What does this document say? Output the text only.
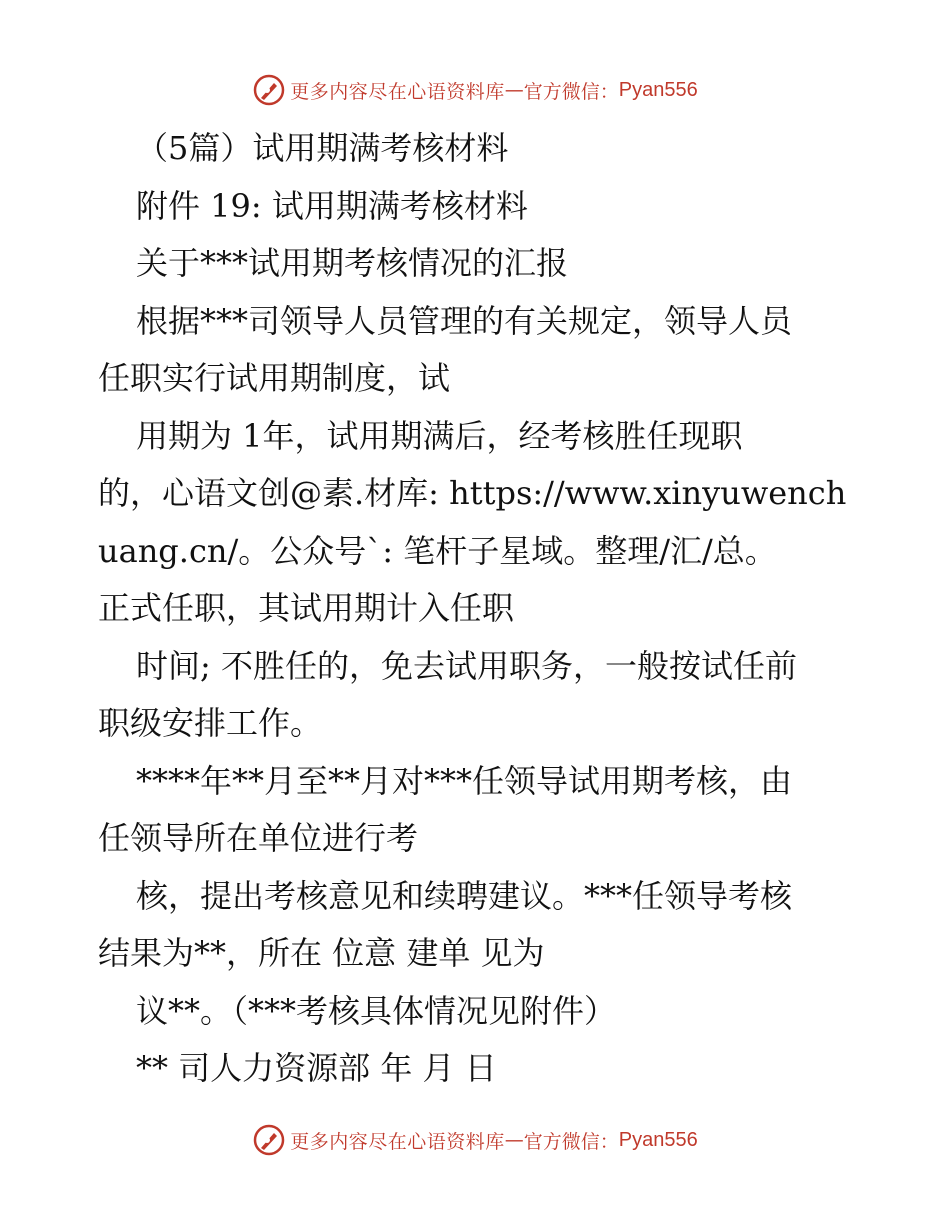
更多内容尽在心语资料库 — 官方微信： Pyan556
（5篇）试用期满考核材料
附件 19: 试用期满考核材料
关于***试用期考核情况的汇报
根据***司领导人员管理的有关规定，领导人员
任职实行试用期制度，试
用期为 1年，试用期满后，经考核胜任现职
的，心语文创@素.材库: https://www.xinyuwench
uang.cn/。公众号`: 笔杆子星域。整理/汇/总。
正式任职，其试用期计入任职
时间; 不胜任的，免去试用职务，一般按试任前
职级安排工作。
****年**月至**月对***任领导试用期考核，由
任领导所在单位进行考
核，提出考核意见和续聘建议。***任领导考核
结果为**，所在 位意 建单 见为
议**。（***考核具体情况见附件）
** 司人力资源部 年 月 日
更多内容尽在心语资料库 — 官方微信： Pyan556
